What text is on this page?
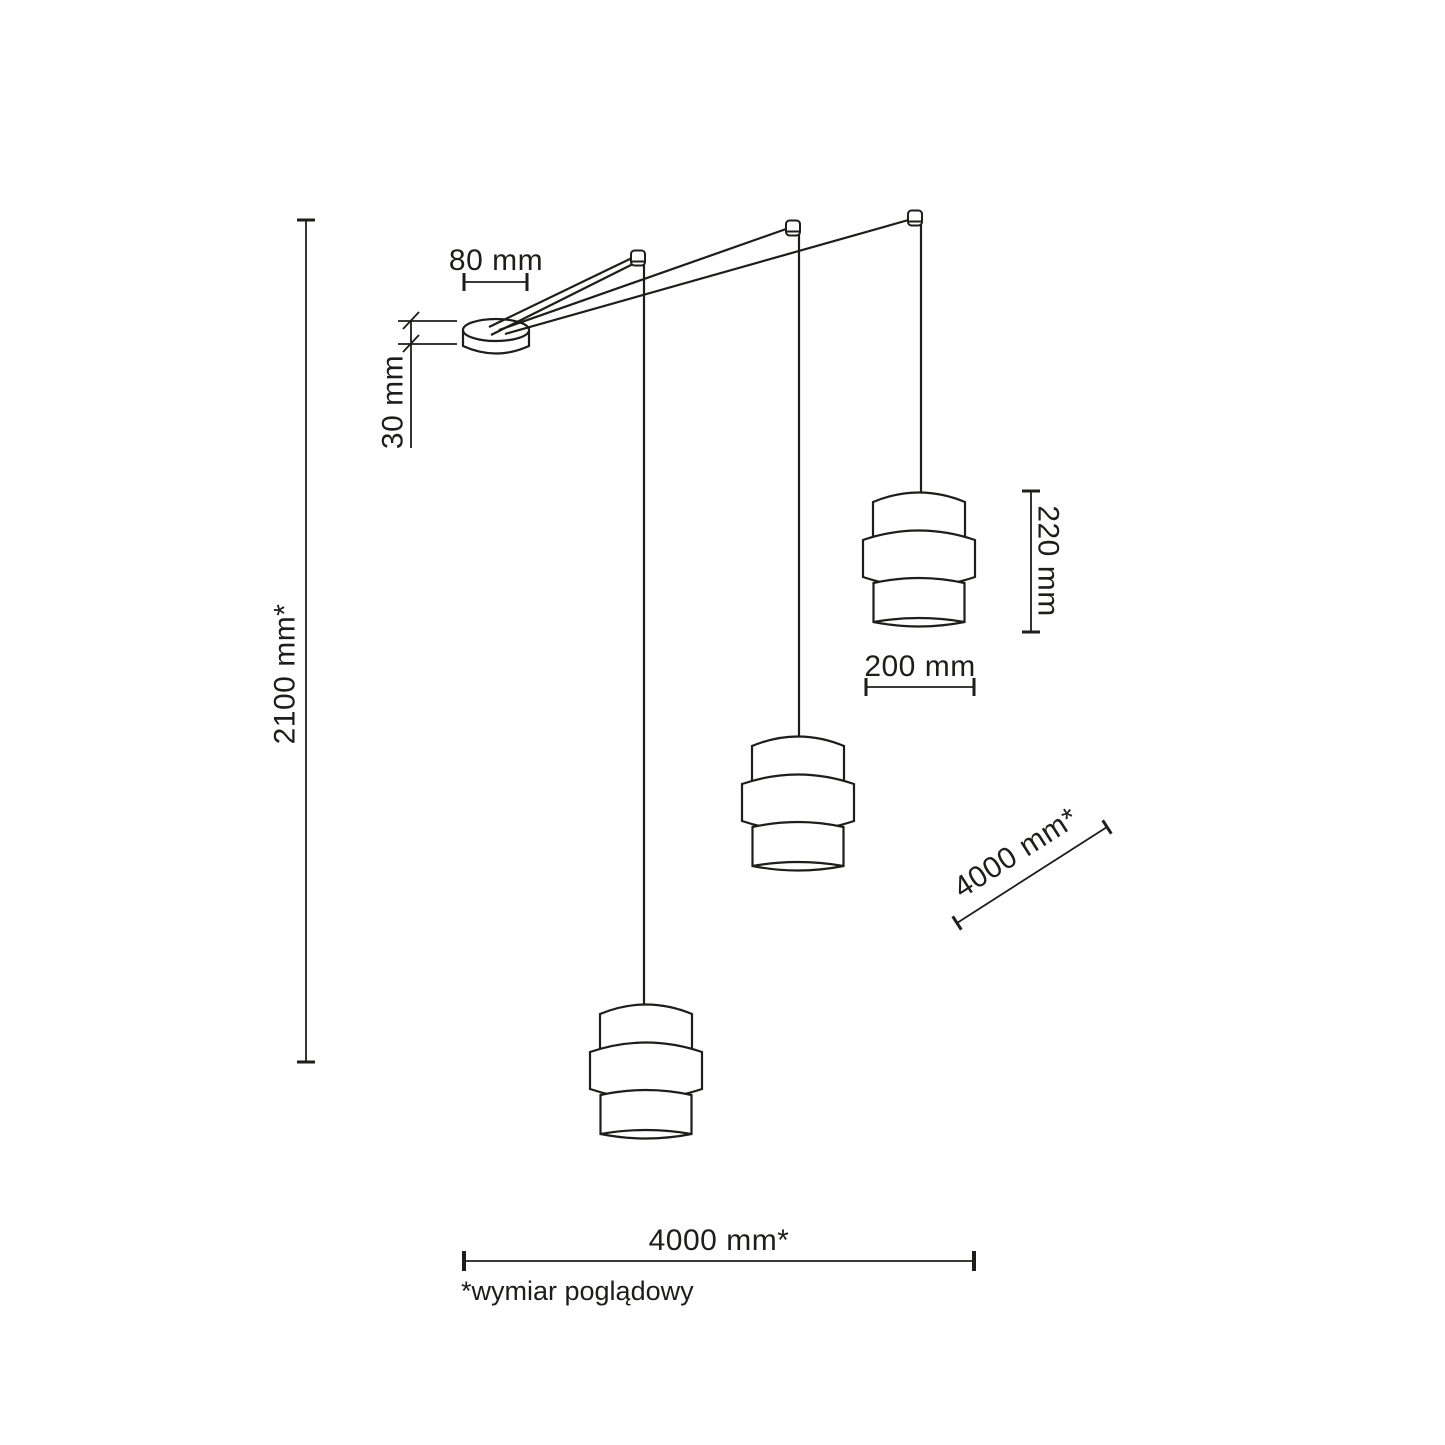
80 mm
30 mm
2100 mm*
220 mm
200 mm
4000 mm*
4000 mm*
*wymiar poglądowy
